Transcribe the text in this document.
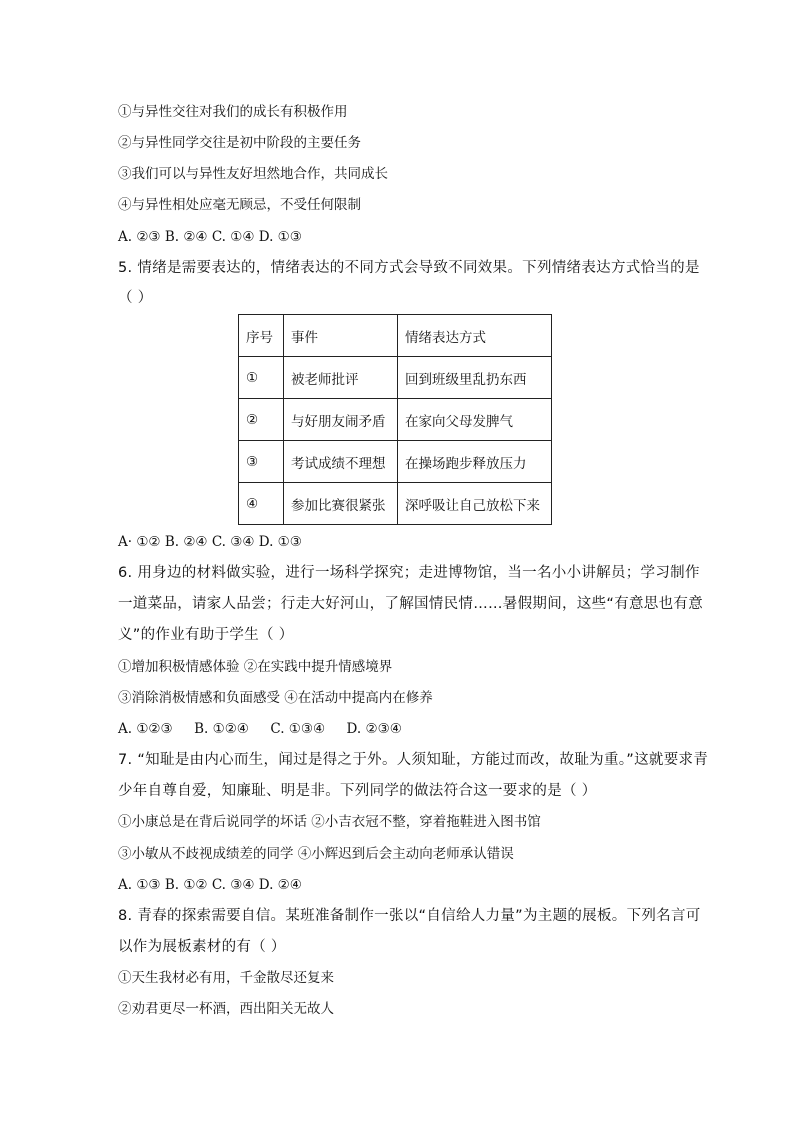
①与异性交往对我们的成长有积极作用
②与异性同学交往是初中阶段的主要任务
③我们可以与异性友好坦然地合作，共同成长
④与异性相处应毫无顾忌，不受任何限制
A. ②③ B. ②④ C. ①④ D. ①③
5. 情绪是需要表达的，情绪表达的不同方式会导致不同效果。下列情绪表达方式恰当的是
（ ）
序号	事件	情绪表达方式
①	被老师批评	回到班级里乱扔东西
②	与好朋友闹矛盾	在家向父母发脾气
③	考试成绩不理想	在操场跑步释放压力
④	参加比赛很紧张	深呼吸让自己放松下来
A· ①② B. ②④ C. ③④ D. ①③
6. 用身边的材料做实验，进行一场科学探究；走进博物馆，当一名小小讲解员；学习制作
一道菜品，请家人品尝；行走大好河山，了解国情民情……暑假期间，这些“有意思也有意
义”的作业有助于学生（ ）
①增加积极情感体验 ②在实践中提升情感境界
③消除消极情感和负面感受 ④在活动中提高内在修养
A. ①②③     B. ①②④     C. ①③④     D. ②③④
7. “知耻是由内心而生，闻过是得之于外。人须知耻，方能过而改，故耻为重。”这就要求青
少年自尊自爱，知廉耻、明是非。下列同学的做法符合这一要求的是（ ）
①小康总是在背后说同学的坏话 ②小吉衣冠不整，穿着拖鞋进入图书馆
③小敏从不歧视成绩差的同学 ④小辉迟到后会主动向老师承认错误
A. ①③ B. ①② C. ③④ D. ②④
8. 青春的探索需要自信。某班准备制作一张以“自信给人力量”为主题的展板。下列名言可
以作为展板素材的有（ ）
①天生我材必有用，千金散尽还复来
②劝君更尽一杯酒，西出阳关无故人
